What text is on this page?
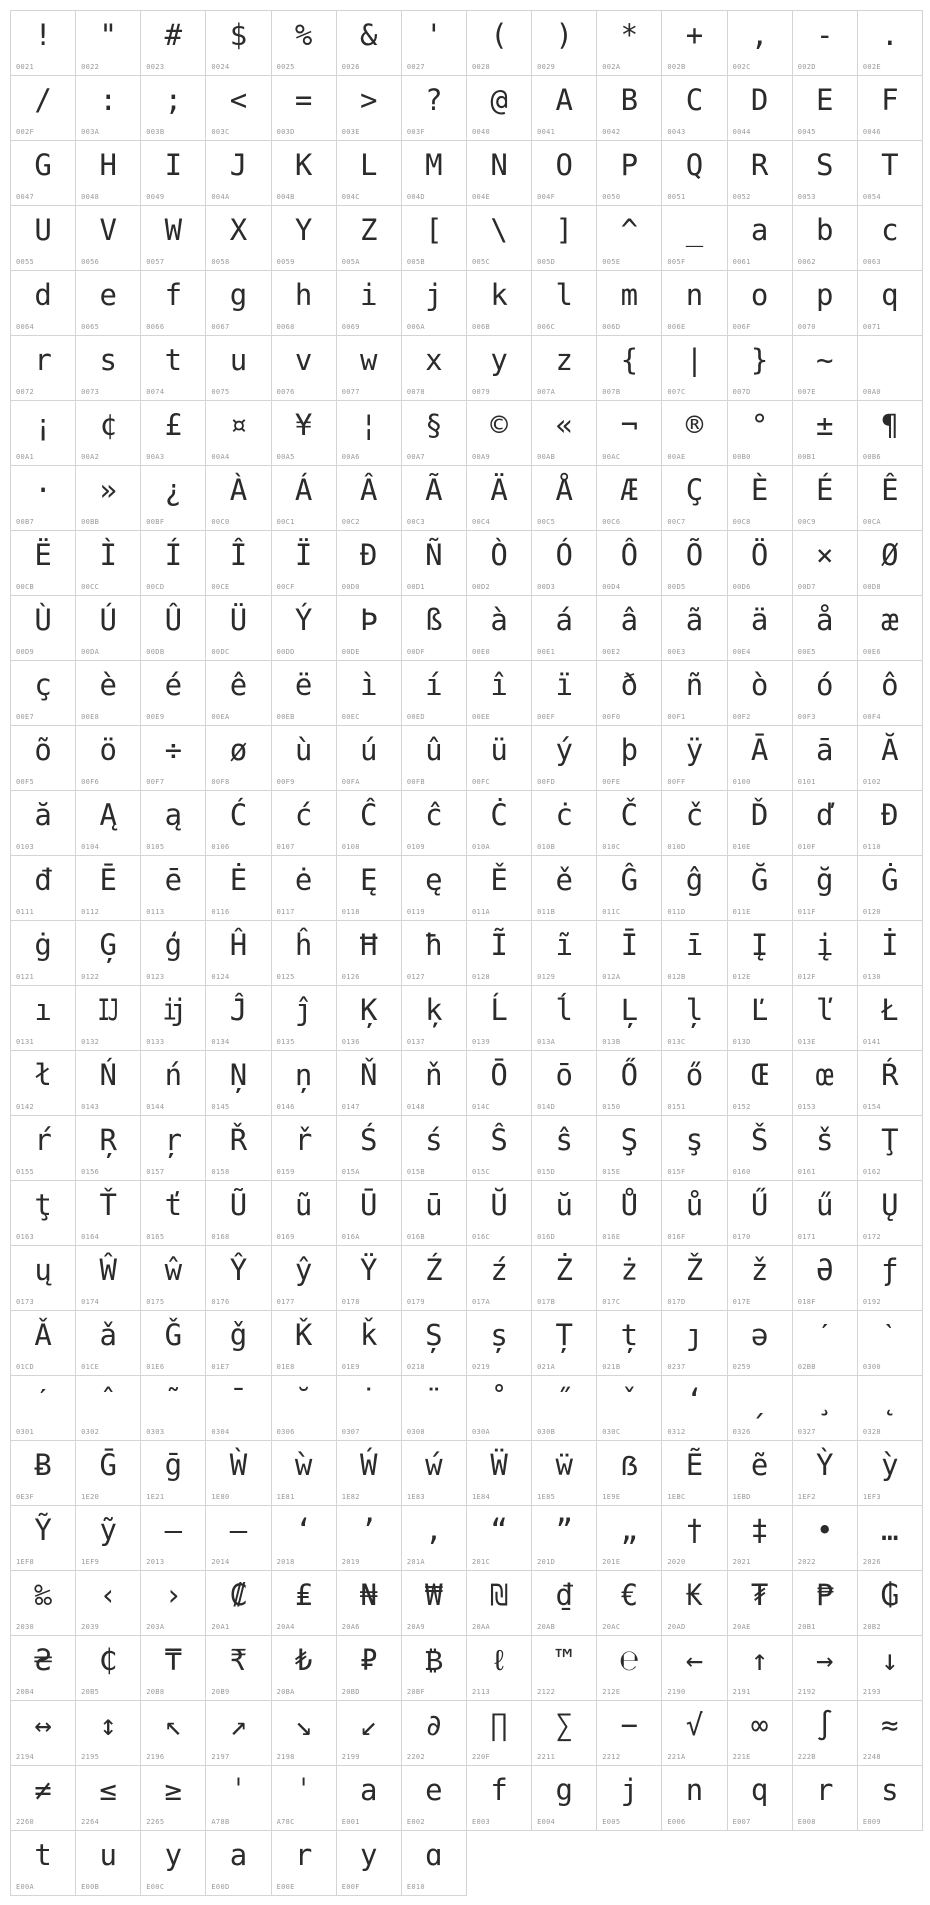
!
0021
"
0022
#
0023
$
0024
%
0025
&
0026
'
0027
(
0028
)
0029
*
002A
+
002B
,
002C
-
002D
.
002E
/
002F
:
003A
;
003B
<
003C
=
003D
>
003E
?
003F
@
0040
A
0041
B
0042
C
0043
D
0044
E
0045
F
0046
G
0047
H
0048
I
0049
J
004A
K
004B
L
004C
M
004D
N
004E
O
004F
P
0050
Q
0051
R
0052
S
0053
T
0054
U
0055
V
0056
W
0057
X
0058
Y
0059
Z
005A
[
005B
\
005C
]
005D
^
005E
_
005F
a
0061
b
0062
c
0063
d
0064
e
0065
f
0066
g
0067
h
0068
i
0069
j
006A
k
006B
l
006C
m
006D
n
006E
o
006F
p
0070
q
0071
r
0072
s
0073
t
0074
u
0075
v
0076
w
0077
x
0078
y
0079
z
007A
{
007B
|
007C
}
007D
~
007E	00A0
¡
00A1
¢
00A2
£
00A3
¤
00A4
¥
00A5
¦
00A6
§
00A7
©
00A9
«
00AB
¬
00AC
®
00AE
°
00B0
±
00B1
¶
00B6
·
00B7
»
00BB
¿
00BF
À
00C0
Á
00C1
Â
00C2
Ã
00C3
Ä
00C4
Å
00C5
Æ
00C6
Ç
00C7
È
00C8
É
00C9
Ê
00CA
Ë
00CB
Ì
00CC
Í
00CD
Î
00CE
Ï
00CF
Ð
00D0
Ñ
00D1
Ò
00D2
Ó
00D3
Ô
00D4
Õ
00D5
Ö
00D6
×
00D7
Ø
00D8
Ù
00D9
Ú
00DA
Û
00DB
Ü
00DC
Ý
00DD
Þ
00DE
ß
00DF
à
00E0
á
00E1
â
00E2
ã
00E3
ä
00E4
å
00E5
æ
00E6
ç
00E7
è
00E8
é
00E9
ê
00EA
ë
00EB
ì
00EC
í
00ED
î
00EE
ï
00EF
ð
00F0
ñ
00F1
ò
00F2
ó
00F3
ô
00F4
õ
00F5
ö
00F6
÷
00F7
ø
00F8
ù
00F9
ú
00FA
û
00FB
ü
00FC
ý
00FD
þ
00FE
ÿ
00FF
Ā
0100
ā
0101
Ă
0102
ă
0103
Ą
0104
ą
0105
Ć
0106
ć
0107
Ĉ
0108
ĉ
0109
Ċ
010A
ċ
010B
Č
010C
č
010D
Ď
010E
ď
010F
Đ
0110
đ
0111
Ē
0112
ē
0113
Ė
0116
ė
0117
Ę
0118
ę
0119
Ě
011A
ě
011B
Ĝ
011C
ĝ
011D
Ğ
011E
ğ
011F
Ġ
0120
ġ
0121
Ģ
0122
ģ
0123
Ĥ
0124
ĥ
0125
Ħ
0126
ħ
0127
Ĩ
0128
ĩ
0129
Ī
012A
ī
012B
Į
012E
į
012F
İ
0130
ı
0131
Ĳ
0132
ĳ
0133
Ĵ
0134
ĵ
0135
Ķ
0136
ķ
0137
Ĺ
0139
ĺ
013A
Ļ
013B
ļ
013C
Ľ
013D
ľ
013E
Ł
0141
ł
0142
Ń
0143
ń
0144
Ņ
0145
ņ
0146
Ň
0147
ň
0148
Ō
014C
ō
014D
Ő
0150
ő
0151
Œ
0152
œ
0153
Ŕ
0154
ŕ
0155
Ŗ
0156
ŗ
0157
Ř
0158
ř
0159
Ś
015A
ś
015B
Ŝ
015C
ŝ
015D
Ş
015E
ş
015F
Š
0160
š
0161
Ţ
0162
ţ
0163
Ť
0164
ť
0165
Ũ
0168
ũ
0169
Ū
016A
ū
016B
Ŭ
016C
ŭ
016D
Ů
016E
ů
016F
Ű
0170
ű
0171
Ų
0172
ų
0173
Ŵ
0174
ŵ
0175
Ŷ
0176
ŷ
0177
Ÿ
0178
Ź
0179
ź
017A
Ż
017B
ż
017C
Ž
017D
ž
017E
Ə
018F
ƒ
0192
Ǎ
01CD
ǎ
01CE
Ǧ
01E6
ǧ
01E7
Ǩ
01E8
ǩ
01E9
Ș
0218
ș
0219
Ț
021A
ț
021B
ȷ
0237
ə
0259
ˊ
02BB
ˋ
0300
ˊ
0301
ˆ
0302
˜
0303
ˉ
0304
˘
0306
˙
0307
¨
0308
˚
030A
˝
030B
ˇ
030C
ʻ
0312
ˏ
0326
¸
0327
˛
0328
Ƀ
0E3F
Ḡ
1E20
ḡ
1E21
Ẁ
1E80
ẁ
1E81
Ẃ
1E82
ẃ
1E83
Ẅ
1E84
ẅ
1E85
ẞ
1E9E
Ẽ
1EBC
ẽ
1EBD
Ỳ
1EF2
ỳ
1EF3
Ỹ
1EF8
ỹ
1EF9
–
2013
—
2014
‘
2018
’
2019
‚
201A
“
201C
”
201D
„
201E
†
2020
‡
2021
•
2022
…
2026
‰
2030
‹
2039
›
203A
₡
20A1
₤
20A4
₦
20A6
₩
20A9
₪
20AA
₫
20AB
€
20AC
₭
20AD
₮
20AE
₱
20B1
₲
20B2
₴
20B4
₵
20B5
₸
20B8
₹
20B9
₺
20BA
₽
20BD
₿
20BF
ℓ
2113
™
2122
℮
212E
←
2190
↑
2191
→
2192
↓
2193
↔
2194
↕
2195
↖
2196
↗
2197
↘
2198
↙
2199
∂
2202
∏
220F
∑
2211
−
2212
√
221A
∞
221E
∫
222B
≈
2248
≠
2260
≤
2264
≥
2265
ˈ
A78B
ˈ
A78C
a
E001
e
E002
f
E003
g
E004
j
E005
n
E006
q
E007
r
E008
s
E009
t
E00A
u
E00B
y
E00C
a
E00D
r
E00E
y
E00F
ɑ
E010
